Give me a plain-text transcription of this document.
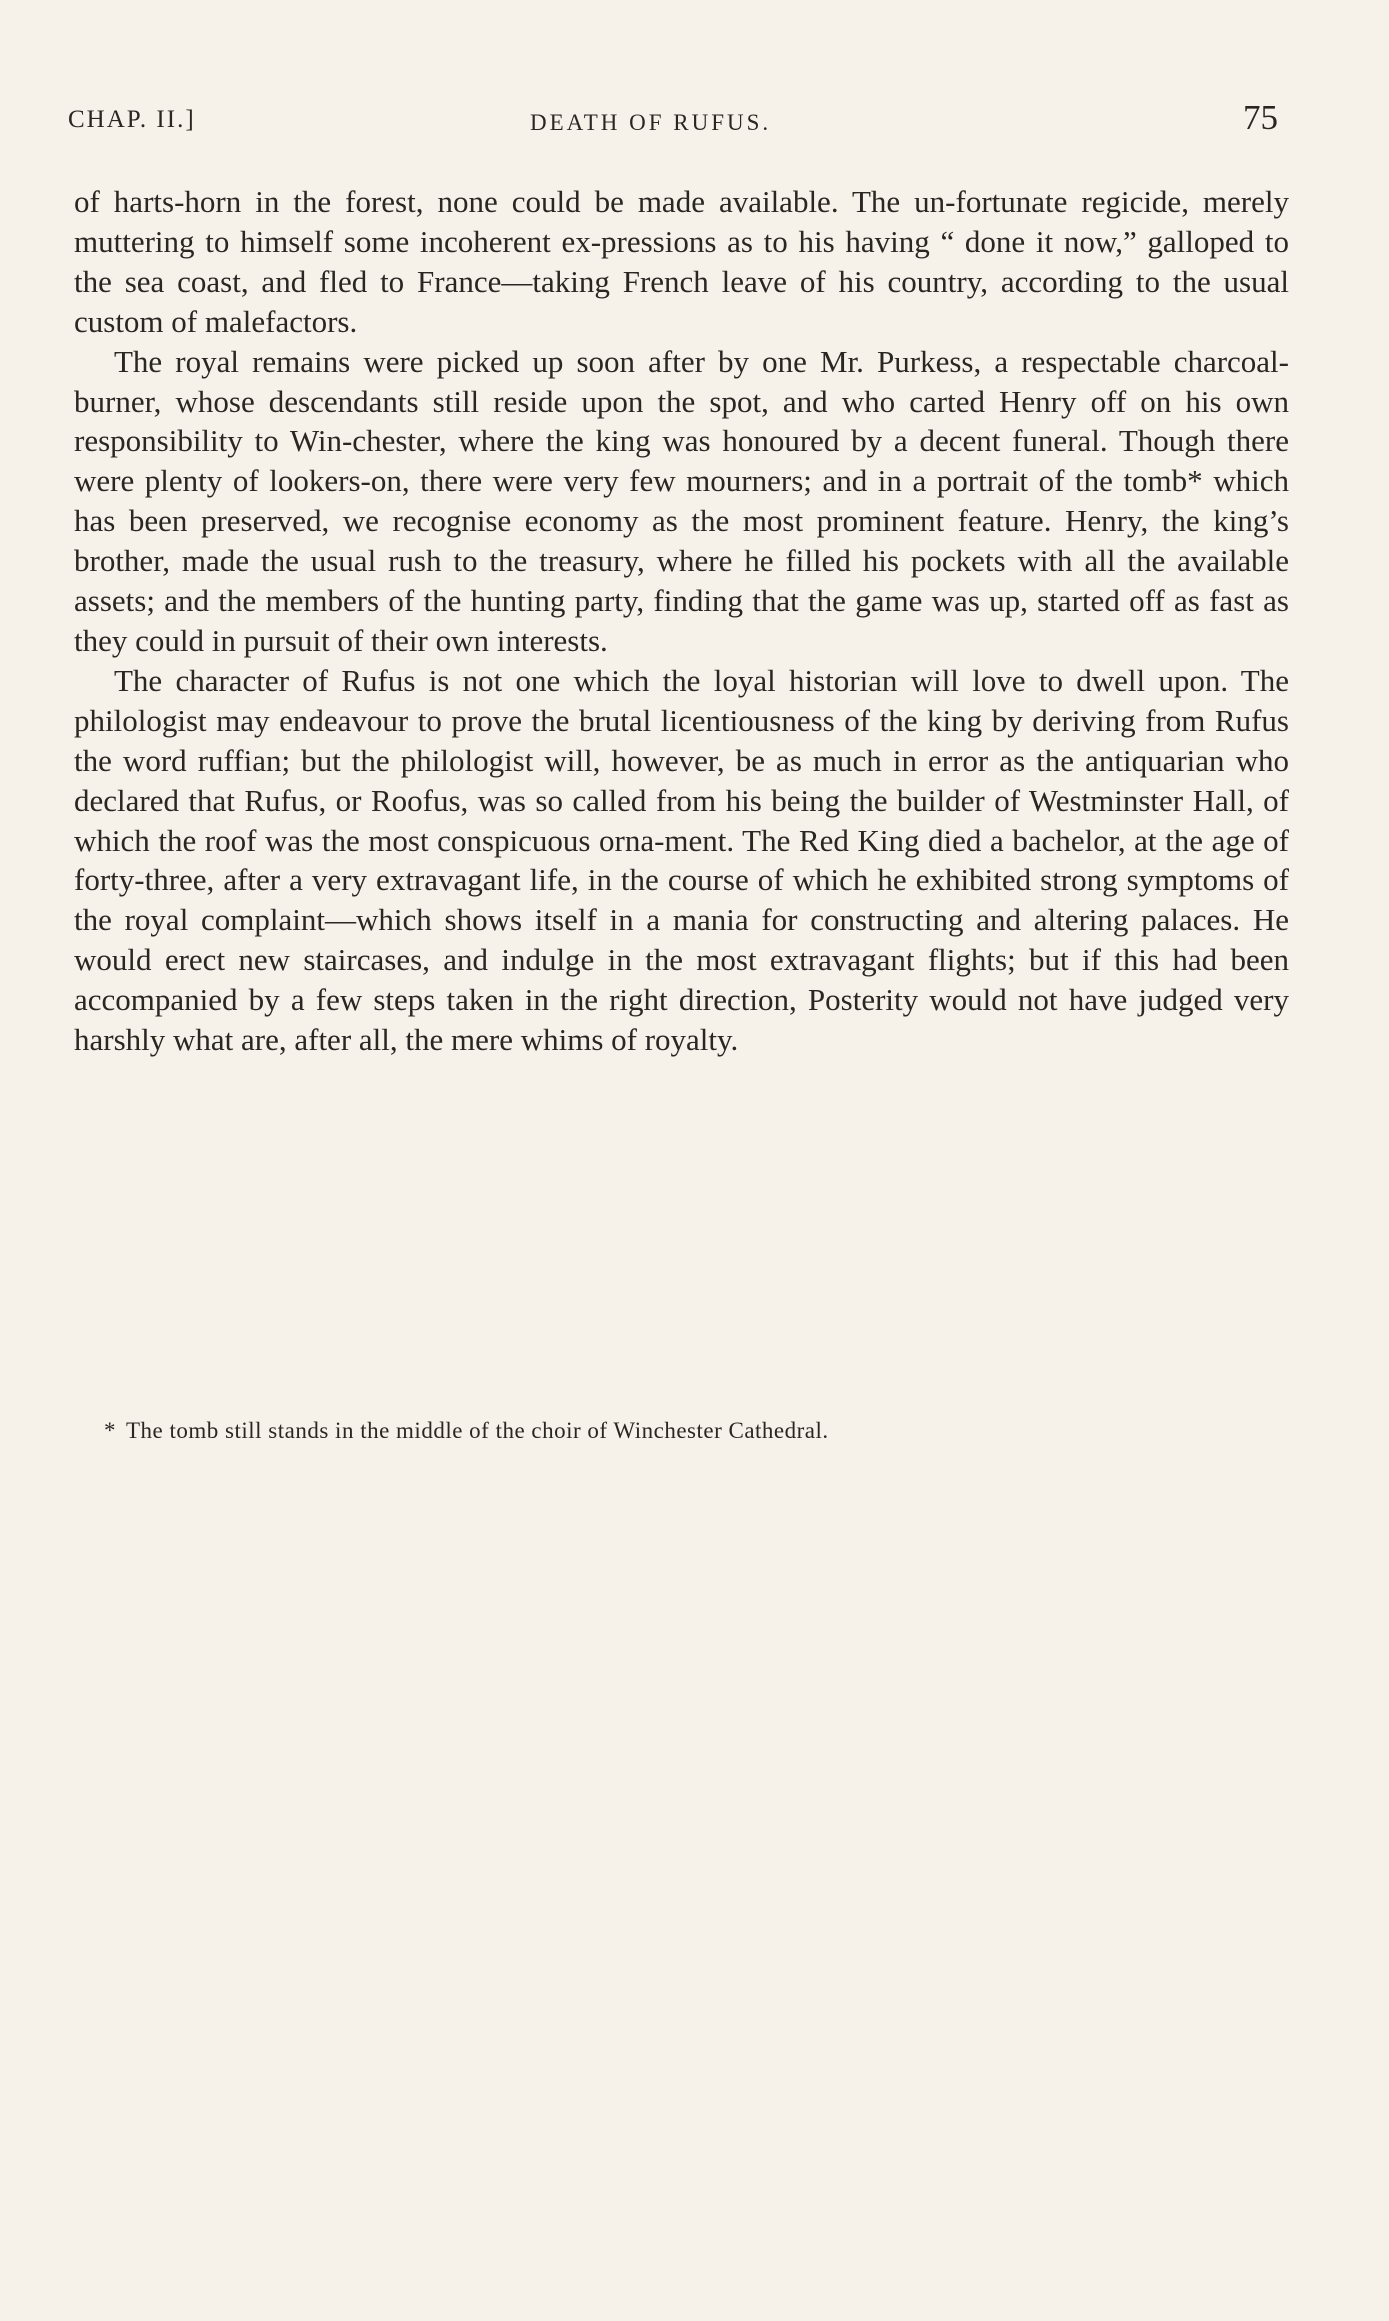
CHAP. II.]	DEATH OF RUFUS.	75

of harts-horn in the forest, none could be made available. The un-fortunate regicide, merely muttering to himself some incoherent ex-pressions as to his having “ done it now,” galloped to the sea coast, and fled to France—taking French leave of his country, according to the usual custom of malefactors.

The royal remains were picked up soon after by one Mr. Purkess, a respectable charcoal-burner, whose descendants still reside upon the spot, and who carted Henry off on his own responsibility to Win-chester, where the king was honoured by a decent funeral. Though there were plenty of lookers-on, there were very few mourners; and in a portrait of the tomb* which has been preserved, we recognise economy as the most prominent feature. Henry, the king’s brother, made the usual rush to the treasury, where he filled his pockets with all the available assets; and the members of the hunting party, finding that the game was up, started off as fast as they could in pursuit of their own interests.

The character of Rufus is not one which the loyal historian will love to dwell upon. The philologist may endeavour to prove the brutal licentiousness of the king by deriving from Rufus the word ruffian; but the philologist will, however, be as much in error as the antiquarian who declared that Rufus, or Roofus, was so called from his being the builder of Westminster Hall, of which the roof was the most conspicuous orna-ment. The Red King died a bachelor, at the age of forty-three, after a very extravagant life, in the course of which he exhibited strong symptoms of the royal complaint—which shows itself in a mania for constructing and altering palaces. He would erect new staircases, and indulge in the most extravagant flights; but if this had been accompanied by a few steps taken in the right direction, Posterity would not have judged very harshly what are, after all, the mere whims of royalty.

* The tomb still stands in the middle of the choir of Winchester Cathedral.
